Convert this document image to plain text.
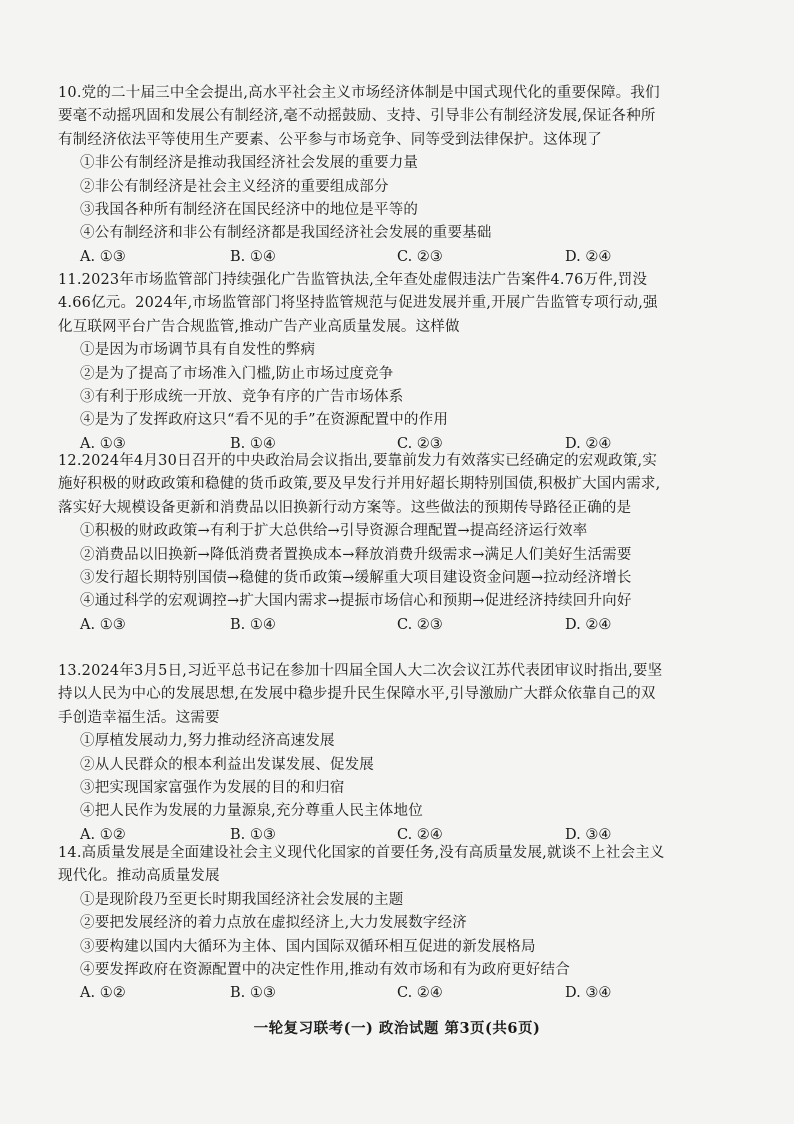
10.党的二十届三中全会提出,高水平社会主义市场经济体制是中国式现代化的重要保障。我们要毫不动摇巩固和发展公有制经济,毫不动摇鼓励、支持、引导非公有制经济发展,保证各种所有制经济依法平等使用生产要素、公平参与市场竞争、同等受到法律保护。这体现了
①非公有制经济是推动我国经济社会发展的重要力量
②非公有制经济是社会主义经济的重要组成部分
③我国各种所有制经济在国民经济中的地位是平等的
④公有制经济和非公有制经济都是我国经济社会发展的重要基础
A. ①③	B. ①④	C. ②③	D. ②④
11.2023年市场监管部门持续强化广告监管执法,全年查处虚假违法广告案件4.76万件,罚没4.66亿元。2024年,市场监管部门将坚持监管规范与促进发展并重,开展广告监管专项行动,强化互联网平台广告合规监管,推动广告产业高质量发展。这样做
①是因为市场调节具有自发性的弊病
②是为了提高了市场准入门槛,防止市场过度竞争
③有利于形成统一开放、竞争有序的广告市场体系
④是为了发挥政府这只“看不见的手”在资源配置中的作用
A. ①③	B. ①④	C. ②③	D. ②④
12.2024年4月30日召开的中央政治局会议指出,要靠前发力有效落实已经确定的宏观政策,实施好积极的财政政策和稳健的货币政策,要及早发行并用好超长期特别国债,积极扩大国内需求,落实好大规模设备更新和消费品以旧换新行动方案等。这些做法的预期传导路径正确的是
①积极的财政政策→有利于扩大总供给→引导资源合理配置→提高经济运行效率
②消费品以旧换新→降低消费者置换成本→释放消费升级需求→满足人们美好生活需要
③发行超长期特别国债→稳健的货币政策→缓解重大项目建设资金问题→拉动经济增长
④通过科学的宏观调控→扩大国内需求→提振市场信心和预期→促进经济持续回升向好
A. ①③	B. ①④	C. ②③	D. ②④
13.2024年3月5日,习近平总书记在参加十四届全国人大二次会议江苏代表团审议时指出,要坚持以人民为中心的发展思想,在发展中稳步提升民生保障水平,引导激励广大群众依靠自己的双手创造幸福生活。这需要
①厚植发展动力,努力推动经济高速发展
②从人民群众的根本利益出发谋发展、促发展
③把实现国家富强作为发展的目的和归宿
④把人民作为发展的力量源泉,充分尊重人民主体地位
A. ①②	B. ①③	C. ②④	D. ③④
14.高质量发展是全面建设社会主义现代化国家的首要任务,没有高质量发展,就谈不上社会主义现代化。推动高质量发展
①是现阶段乃至更长时期我国经济社会发展的主题
②要把发展经济的着力点放在虚拟经济上,大力发展数字经济
③要构建以国内大循环为主体、国内国际双循环相互促进的新发展格局
④要发挥政府在资源配置中的决定性作用,推动有效市场和有为政府更好结合
A. ①②	B. ①③	C. ②④	D. ③④
一轮复习联考(一) 政治试题 第3页(共6页)
